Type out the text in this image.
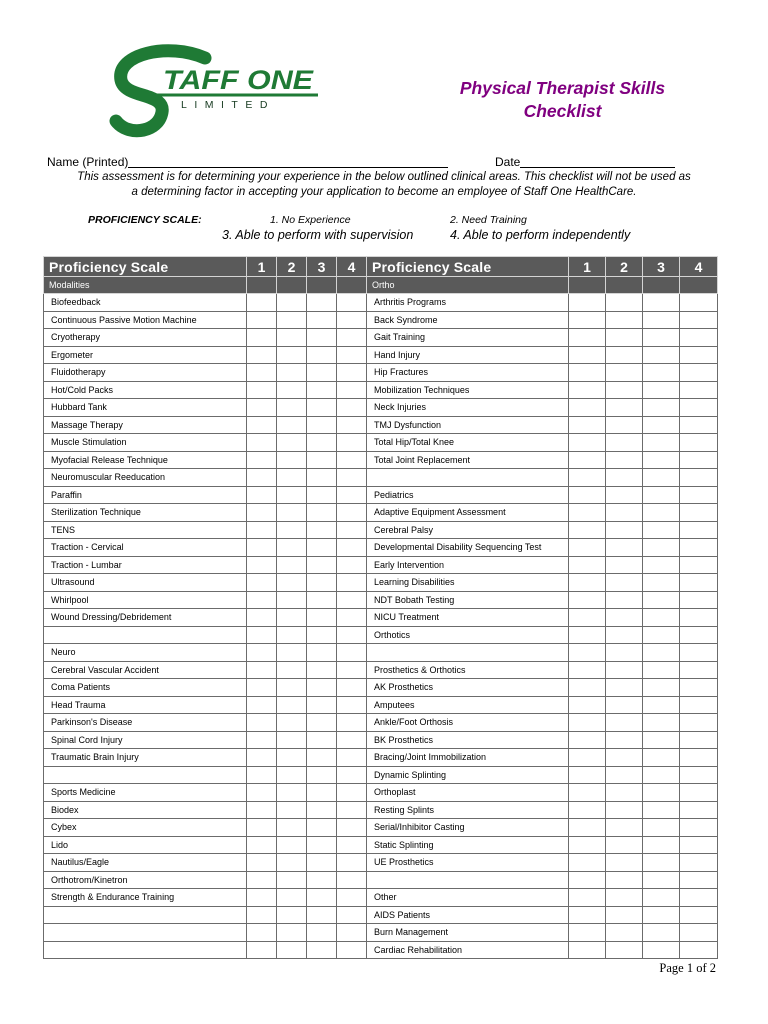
TAFF ONE
LIMITED
Physical Therapist Skills
Checklist
Name (Printed)	Date
This assessment is for determining your experience in the below outlined clinical areas. This checklist will not be used as
a determining factor in accepting your application to become an employee of Staff One HealthCare.
PROFICIENCY SCALE:	1. No Experience	2. Need Training
3. Able to perform with supervision	4. Able to perform independently
Proficiency Scale	1	2	3	4	Proficiency Scale	1	2	3	4
Modalities					Ortho				
Biofeedback					Arthritis Programs				
Continuous Passive Motion Machine					Back Syndrome				
Cryotherapy					Gait Training				
Ergometer					Hand Injury				
Fluidotherapy					Hip Fractures				
Hot/Cold Packs					Mobilization Techniques				
Hubbard Tank					Neck Injuries				
Massage Therapy					TMJ Dysfunction				
Muscle Stimulation					Total Hip/Total Knee				
Myofacial Release Technique					Total Joint Replacement				
Neuromuscular Reeducation									
Paraffin					Pediatrics				
Sterilization Technique					Adaptive Equipment Assessment				
TENS					Cerebral Palsy				
Traction - Cervical					Developmental Disability Sequencing Test				
Traction - Lumbar					Early Intervention				
Ultrasound					Learning Disabilities				
Whirlpool					NDT Bobath Testing				
Wound Dressing/Debridement					NICU Treatment				
					Orthotics				
Neuro									
Cerebral Vascular Accident					Prosthetics & Orthotics				
Coma Patients					AK Prosthetics				
Head Trauma					Amputees				
Parkinson's Disease					Ankle/Foot Orthosis				
Spinal Cord Injury					BK Prosthetics				
Traumatic Brain Injury					Bracing/Joint Immobilization				
					Dynamic Splinting				
Sports Medicine					Orthoplast				
Biodex					Resting Splints				
Cybex					Serial/Inhibitor Casting				
Lido					Static Splinting				
Nautilus/Eagle					UE Prosthetics				
Orthotrom/Kinetron									
Strength & Endurance Training					Other				
					AIDS Patients				
					Burn Management				
					Cardiac Rehabilitation				
Page 1 of 2
